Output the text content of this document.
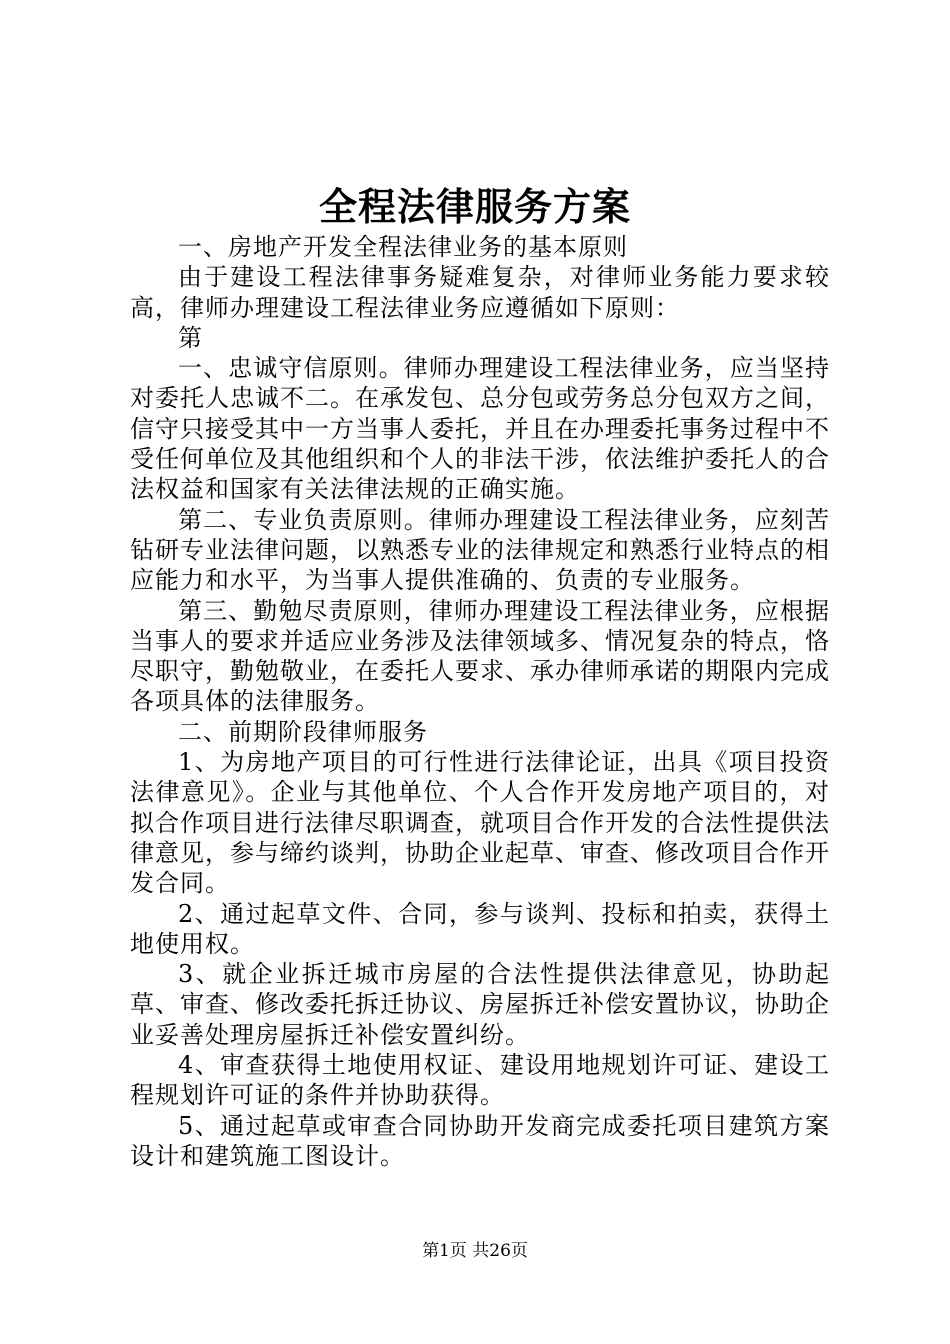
全程法律服务方案

一、房地产开发全程法律业务的基本原则

由于建设工程法律事务疑难复杂，对律师业务能力要求较高，律师办理建设工程法律业务应遵循如下原则：

第

一、忠诚守信原则。律师办理建设工程法律业务，应当坚持对委托人忠诚不二。在承发包、总分包或劳务总分包双方之间，信守只接受其中一方当事人委托，并且在办理委托事务过程中不受任何单位及其他组织和个人的非法干涉，依法维护委托人的合法权益和国家有关法律法规的正确实施。

第二、专业负责原则。律师办理建设工程法律业务，应刻苦钻研专业法律问题，以熟悉专业的法律规定和熟悉行业特点的相应能力和水平，为当事人提供准确的、负责的专业服务。

第三、勤勉尽责原则，律师办理建设工程法律业务，应根据当事人的要求并适应业务涉及法律领域多、情况复杂的特点，恪尽职守，勤勉敬业，在委托人要求、承办律师承诺的期限内完成各项具体的法律服务。

二、前期阶段律师服务

1、为房地产项目的可行性进行法律论证，出具《项目投资法律意见》。企业与其他单位、个人合作开发房地产项目的，对拟合作项目进行法律尽职调查，就项目合作开发的合法性提供法律意见，参与缔约谈判，协助企业起草、审查、修改项目合作开发合同。

2、通过起草文件、合同，参与谈判、投标和拍卖，获得土地使用权。

3、就企业拆迁城市房屋的合法性提供法律意见，协助起草、审查、修改委托拆迁协议、房屋拆迁补偿安置协议，协助企业妥善处理房屋拆迁补偿安置纠纷。

4、审查获得土地使用权证、建设用地规划许可证、建设工程规划许可证的条件并协助获得。

5、通过起草或审查合同协助开发商完成委托项目建筑方案设计和建筑施工图设计。

第1页 共26页
